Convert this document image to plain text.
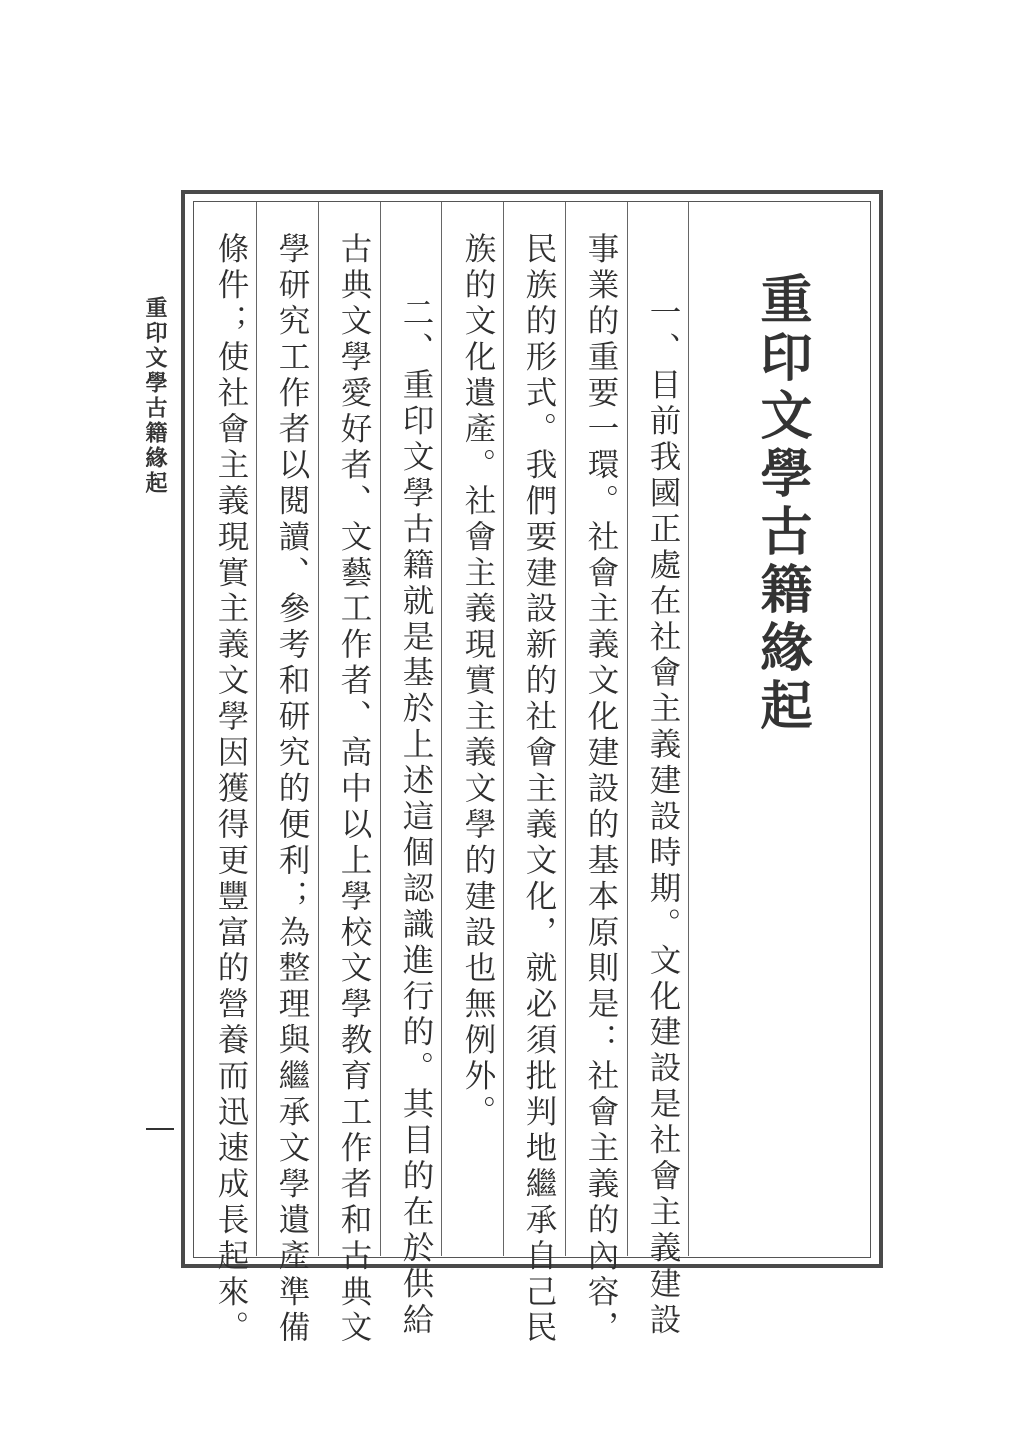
重印文學古籍緣起
一、目前我國正處在社會主義建設時期。文化建設是社會主義建設
事業的重要一環。社會主義文化建設的基本原則是：社會主義的內容，
民族的形式。我們要建設新的社會主義文化，就必須批判地繼承自己民
族的文化遺產。社會主義現實主義文學的建設也無例外。
二、重印文學古籍就是基於上述這個認識進行的。其目的在於供給
古典文學愛好者、文藝工作者、高中以上學校文學教育工作者和古典文
學研究工作者以閱讀、參考和研究的便利；為整理與繼承文學遺產準備
條件；使社會主義現實主義文學因獲得更豐富的營養而迅速成長起來。
重印文學古籍緣起
